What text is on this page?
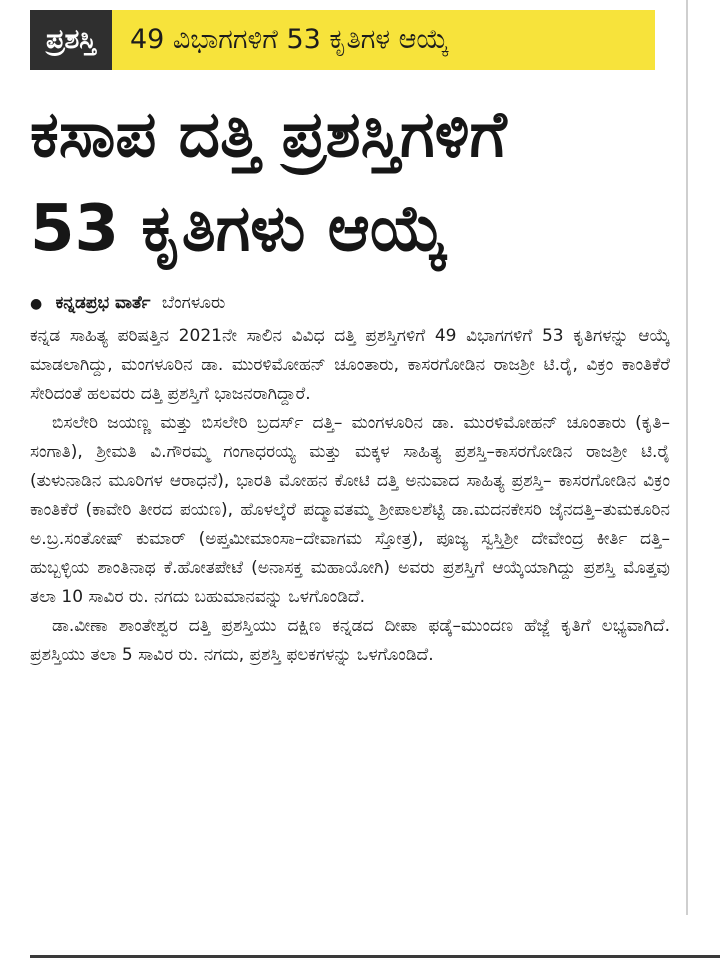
ಪ್ರಶಸ್ತಿ	49 ವಿಭಾಗಗಳಿಗೆ 53 ಕೃತಿಗಳ ಆಯ್ಕೆ
ಕಸಾಪ ದತ್ತಿ ಪ್ರಶಸ್ತಿಗಳಿಗೆ
53 ಕೃತಿಗಳು ಆಯ್ಕೆ
● ಕನ್ನಡಪ್ರಭ ವಾರ್ತೆ ಬೆಂಗಳೂರು

ಕನ್ನಡ ಸಾಹಿತ್ಯ ಪರಿಷತ್ತಿನ 2021ನೇ ಸಾಲಿನ ವಿವಿಧ ದತ್ತಿ ಪ್ರಶಸ್ತಿಗಳಿಗೆ 49 ವಿಭಾಗಗಳಿಗೆ 53 ಕೃತಿಗಳನ್ನು ಆಯ್ಕೆ ಮಾಡಲಾಗಿದ್ದು, ಮಂಗಳೂರಿನ ಡಾ. ಮುರಳಿಮೋಹನ್ ಚೂಂತಾರು, ಕಾಸರಗೋಡಿನ ರಾಜಶ್ರೀ ಟಿ.ರೈ, ವಿಕ್ರಂ ಕಾಂತಿಕೆರೆ ಸೇರಿದಂತೆ ಹಲವರು ದತ್ತಿ ಪ್ರಶಸ್ತಿಗೆ ಭಾಜನರಾಗಿದ್ದಾರೆ.

ಬಿಸಲೇರಿ ಜಯಣ್ಣ ಮತ್ತು ಬಿಸಲೇರಿ ಬ್ರದರ್ಸ್ ದತ್ತಿ– ಮಂಗಳೂರಿನ ಡಾ. ಮುರಳಿಮೋಹನ್ ಚೂಂತಾರು (ಕೃತಿ–ಸಂಗಾತಿ), ಶ್ರೀಮತಿ ವಿ.ಗೌರಮ್ಮ ಗಂಗಾಧರಯ್ಯ ಮತ್ತು ಮಕ್ಕಳ ಸಾಹಿತ್ಯ ಪ್ರಶಸ್ತಿ–ಕಾಸರಗೋಡಿನ ರಾಜಶ್ರೀ ಟಿ.ರೈ (ತುಳುನಾಡಿನ ಮೂರಿಗಳ ಆರಾಧನೆ), ಭಾರತಿ ಮೋಹನ ಕೋಟಿ ದತ್ತಿ ಅನುವಾದ ಸಾಹಿತ್ಯ ಪ್ರಶಸ್ತಿ– ಕಾಸರಗೋಡಿನ ವಿಕ್ರಂ ಕಾಂತಿಕೆರೆ (ಕಾವೇರಿ ತೀರದ ಪಯಣ), ಹೊಳಲ್ಕೆರೆ ಪದ್ಮಾವತಮ್ಮ ಶ್ರೀಪಾಲಶೆಟ್ಟಿ ಡಾ.ಮದನಕೇಸರಿ ಜೈನದತ್ತಿ–ತುಮಕೂರಿನ ಅ.ಬ್ರ.ಸಂತೋಷ್ ಕುಮಾರ್ (ಅಪ್ತಮೀಮಾಂಸಾ–ದೇವಾಗಮ ಸ್ತೋತ್ರ), ಪೂಜ್ಯ ಸ್ವಸ್ತಿಶ್ರೀ ದೇವೇಂದ್ರ ಕೀರ್ತಿ ದತ್ತಿ– ಹುಬ್ಬಳ್ಳಿಯ ಶಾಂತಿನಾಥ ಕೆ.ಹೋತಪೇಟೆ (ಅನಾಸಕ್ತ ಮಹಾಯೋಗಿ) ಅವರು ಪ್ರಶಸ್ತಿಗೆ ಆಯ್ಕೆಯಾಗಿದ್ದು ಪ್ರಶಸ್ತಿ ಮೊತ್ತವು ತಲಾ 10 ಸಾವಿರ ರು. ನಗದು ಬಹುಮಾನವನ್ನು ಒಳಗೊಂಡಿದೆ.

ಡಾ.ವೀಣಾ ಶಾಂತೇಶ್ವರ ದತ್ತಿ ಪ್ರಶಸ್ತಿಯು ದಕ್ಷಿಣ ಕನ್ನಡದ ದೀಪಾ ಫಡ್ಕೆ–ಮುಂದಣ ಹೆಜ್ಜೆ ಕೃತಿಗೆ ಲಭ್ಯವಾಗಿದೆ. ಪ್ರಶಸ್ತಿಯು ತಲಾ 5 ಸಾವಿರ ರು. ನಗದು, ಪ್ರಶಸ್ತಿ ಫಲಕಗಳನ್ನು ಒಳಗೊಂಡಿದೆ.
